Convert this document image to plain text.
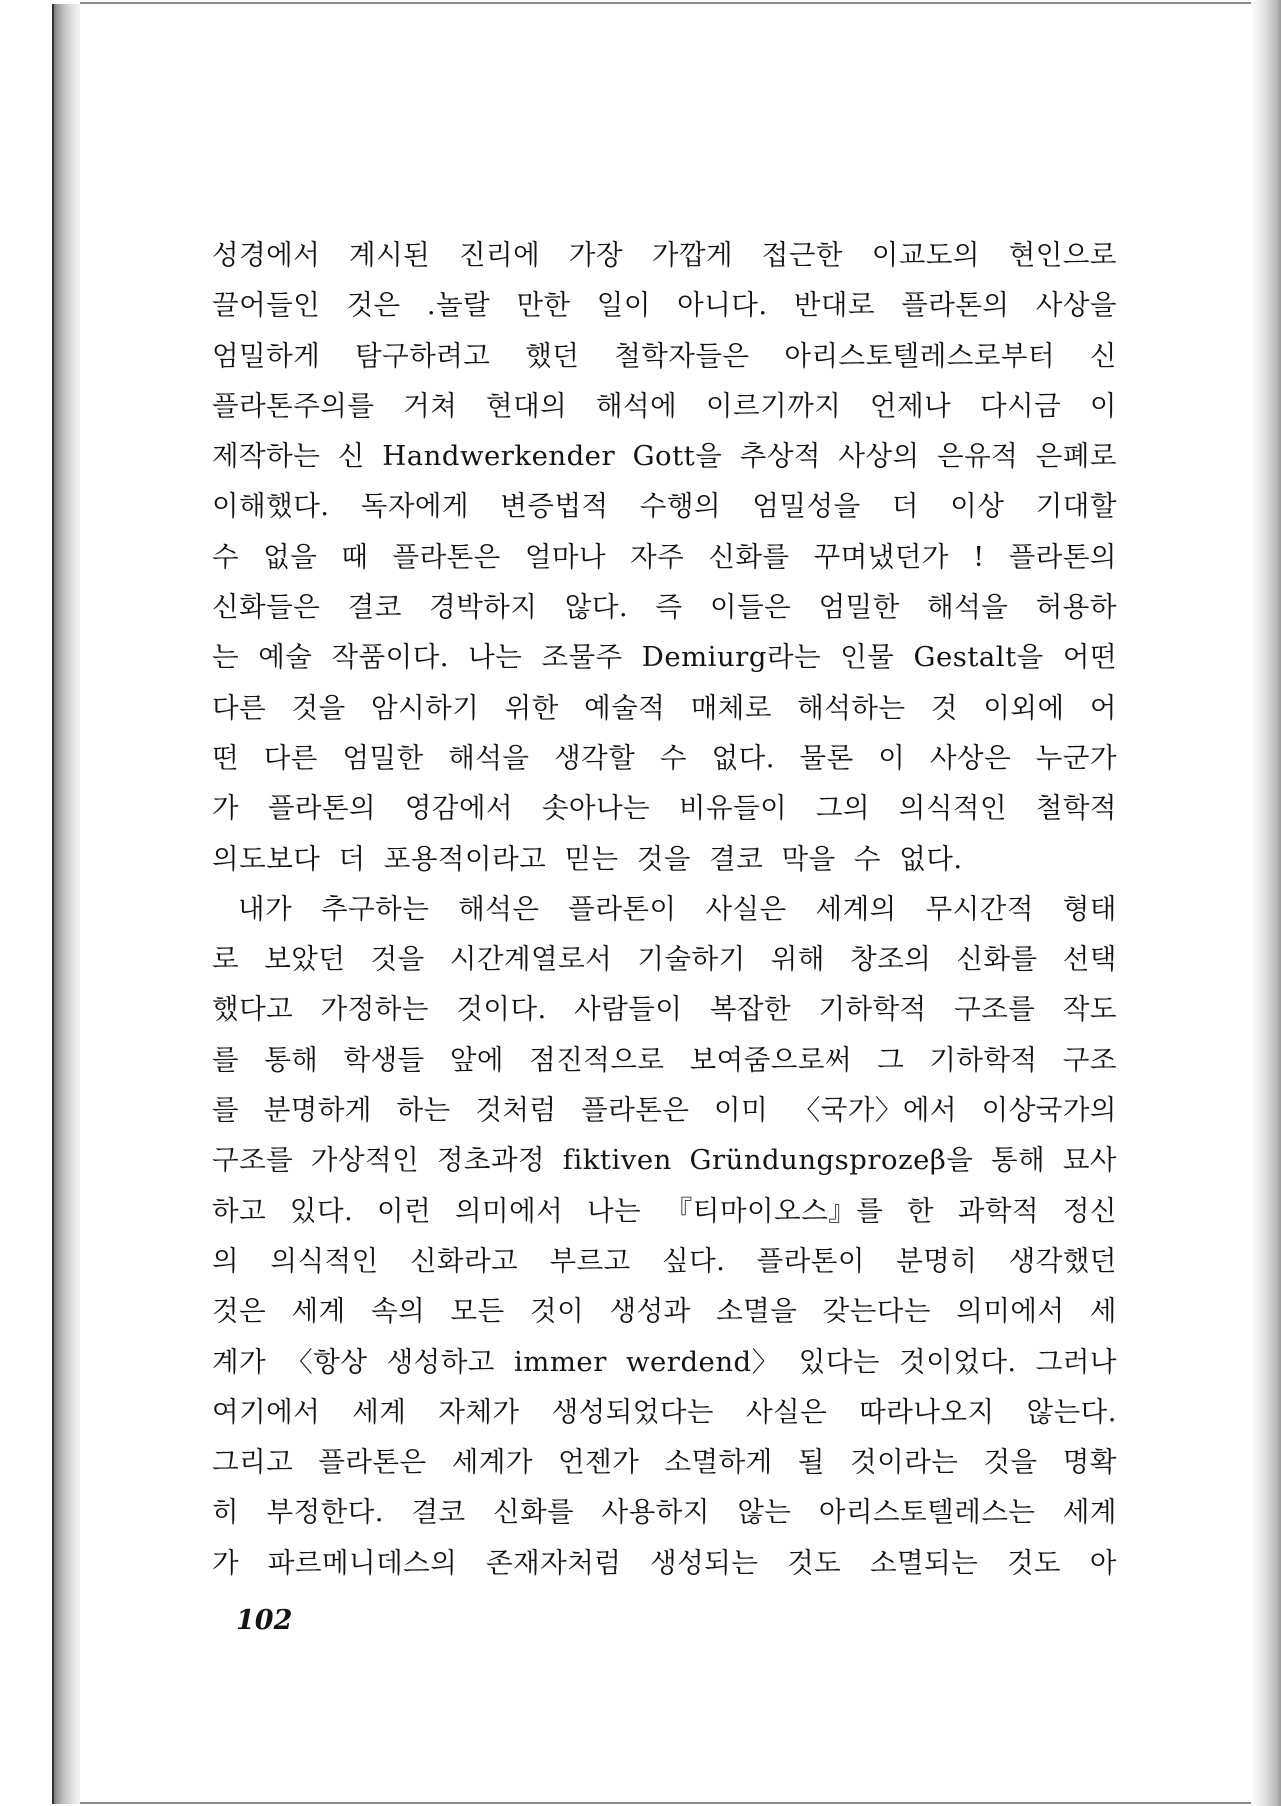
성경에서 계시된 진리에 가장 가깝게 접근한 이교도의 현인으로
끌어들인 것은 .놀랄 만한 일이 아니다. 반대로 플라톤의 사상을
엄밀하게 탐구하려고 했던 철학자들은 아리스토텔레스로부터 신
플라톤주의를 거쳐 현대의 해석에 이르기까지 언제나 다시금 이
제작하는 신 Handwerkender Gott을 추상적 사상의 은유적 은폐로
이해했다. 독자에게 변증법적 수행의 엄밀성을 더 이상 기대할
수 없을 때 플라톤은 얼마나 자주 신화를 꾸며냈던가 ! 플라톤의
신화들은 결코 경박하지 않다. 즉 이들은 엄밀한 해석을 허용하
는 예술 작품이다. 나는 조물주 Demiurg라는 인물 Gestalt을 어떤
다른 것을 암시하기 위한 예술적 매체로 해석하는 것 이외에 어
떤 다른 엄밀한 해석을 생각할 수 없다. 물론 이 사상은 누군가
가 플라톤의 영감에서 솟아나는 비유들이 그의 의식적인 철학적
의도보다 더 포용적이라고 믿는 것을 결코 막을 수 없다.
내가 추구하는 해석은 플라톤이 사실은 세계의 무시간적 형태
로 보았던 것을 시간계열로서 기술하기 위해 창조의 신화를 선택
했다고 가정하는 것이다. 사람들이 복잡한 기하학적 구조를 작도
를 통해 학생들 앞에 점진적으로 보여줌으로써 그 기하학적 구조
를 분명하게 하는 것처럼 플라톤은 이미 〈국가〉에서 이상국가의
구조를 가상적인 정초과정 fiktiven Gründungsprozeβ을 통해 묘사
하고 있다. 이런 의미에서 나는 『티마이오스』를 한 과학적 정신
의 의식적인 신화라고 부르고 싶다. 플라톤이 분명히 생각했던
것은 세계 속의 모든 것이 생성과 소멸을 갖는다는 의미에서 세
계가 〈항상 생성하고 immer werdend〉 있다는 것이었다. 그러나
여기에서 세계 자체가 생성되었다는 사실은 따라나오지 않는다.
그리고 플라톤은 세계가 언젠가 소멸하게 될 것이라는 것을 명확
히 부정한다. 결코 신화를 사용하지 않는 아리스토텔레스는 세계
가 파르메니데스의 존재자처럼 생성되는 것도 소멸되는 것도 아
102
